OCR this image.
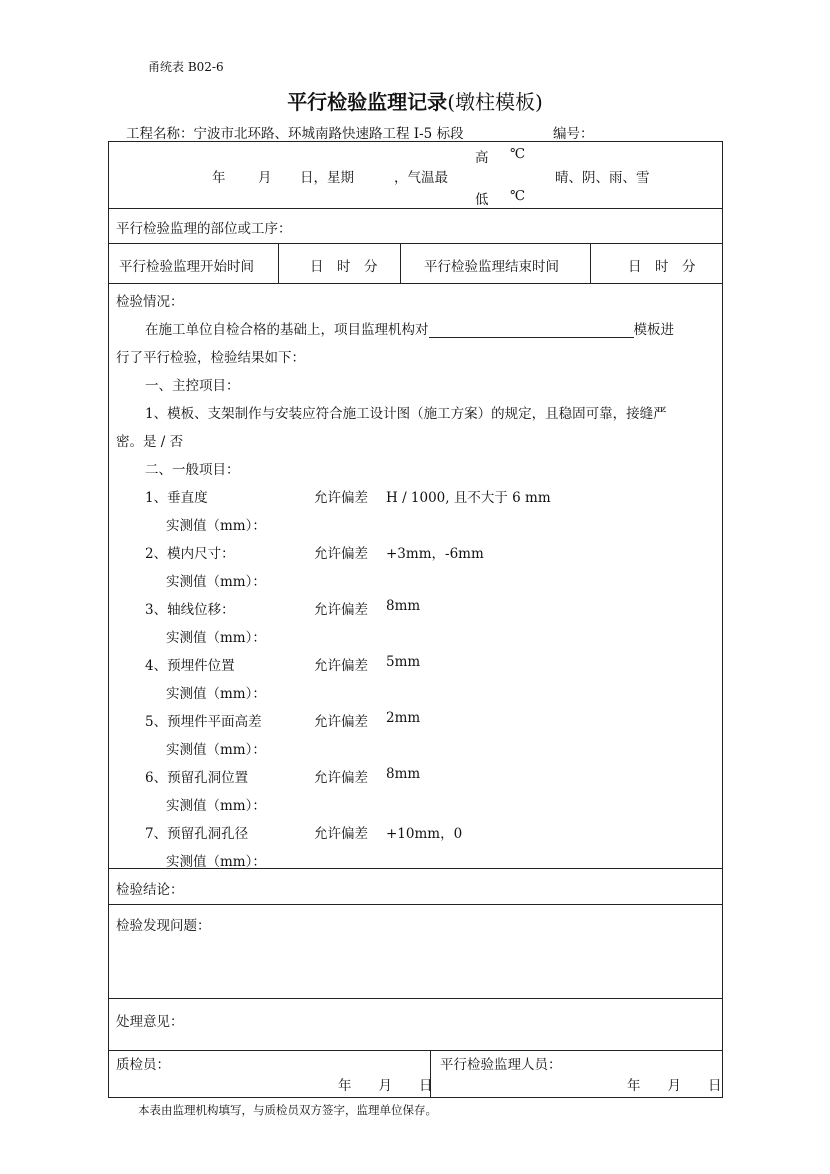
甬统表 B02-6
平行检验监理记录(墩柱模板)
工程名称：宁波市北环路、环城南路快速路工程 I-5 标段	编号：
年 月 日，星期	，气温最
高 ℃
低 ℃
晴、阴、雨、雪
平行检验监理的部位或工序：
平行检验监理开始时间	日　时　分	平行检验监理结束时间	日　时　分
检验情况：
在施工单位自检合格的基础上，项目监理机构对	模板进
行了平行检验，检验结果如下：
一、主控项目：
1、模板、支架制作与安装应符合施工设计图（施工方案）的规定，且稳固可靠，接缝严
密。是 / 否
二、一般项目：
1、垂直度	允许偏差 H / 1000, 且不大于 6 mm
实测值（mm）：
2、模内尺寸：	允许偏差 +3mm，-6mm
实测值（mm）：
3、轴线位移：	允许偏差 8mm
实测值（mm）：
4、预埋件位置	允许偏差 5mm
实测值（mm）：
5、预埋件平面高差	允许偏差 2mm
实测值（mm）：
6、预留孔洞位置	允许偏差 8mm
实测值（mm）：
7、预留孔洞孔径	允许偏差 +10mm，0
实测值（mm）：
检验结论：
检验发现问题：
处理意见：
质检员：
年　　月　　日
平行检验监理人员：
年　　月　　日
本表由监理机构填写，与质检员双方签字，监理单位保存。
